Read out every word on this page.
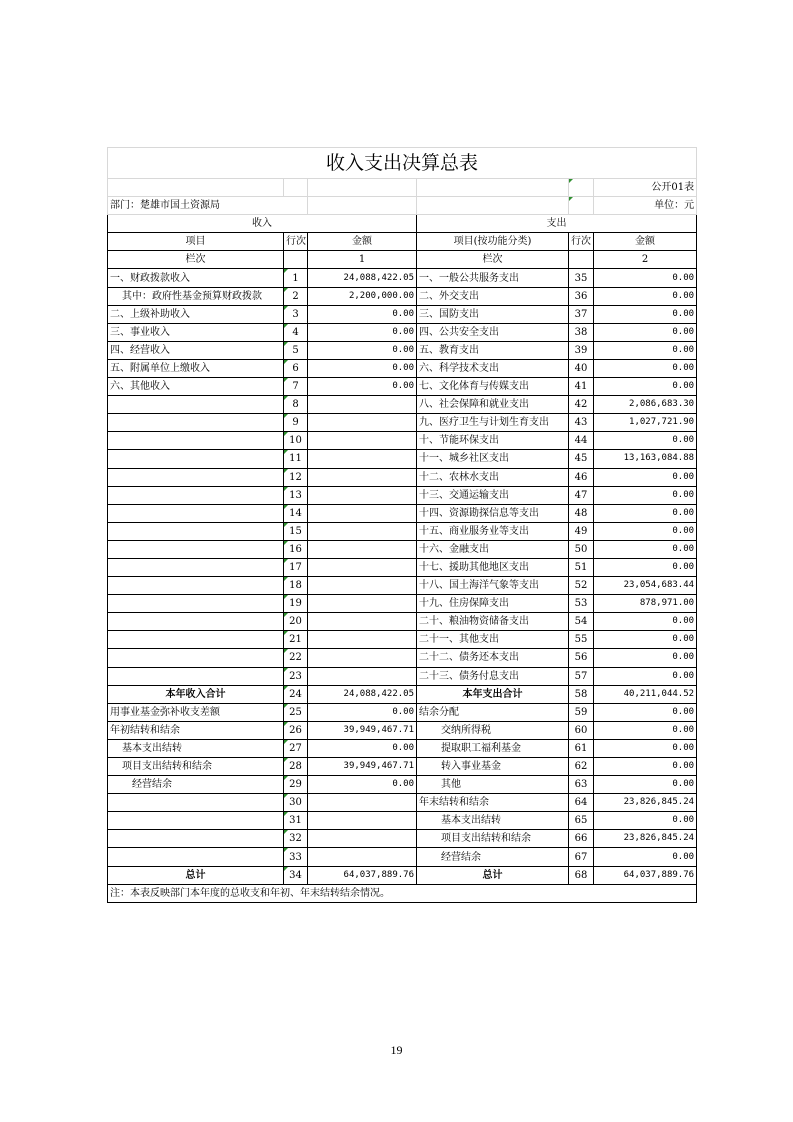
收入支出决算总表					
					公开01表
部门：楚雄市国土资源局					单位：元
收入			支出		
项目	行次	金额	项目(按功能分类)	行次	金额
栏次		1	栏次		2
一、财政拨款收入	1	24,088,422.05	一、一般公共服务支出	35	0.00
其中：政府性基金预算财政拨款	2	2,200,000.00	二、外交支出	36	0.00
二、上级补助收入	3	0.00	三、国防支出	37	0.00
三、事业收入	4	0.00	四、公共安全支出	38	0.00
四、经营收入	5	0.00	五、教育支出	39	0.00
五、附属单位上缴收入	6	0.00	六、科学技术支出	40	0.00
六、其他收入	7	0.00	七、文化体育与传媒支出	41	0.00
	8		八、社会保障和就业支出	42	2,086,683.30
	9		九、医疗卫生与计划生育支出	43	1,027,721.90
	10		十、节能环保支出	44	0.00
	11		十一、城乡社区支出	45	13,163,084.88
	12		十二、农林水支出	46	0.00
	13		十三、交通运输支出	47	0.00
	14		十四、资源勘探信息等支出	48	0.00
	15		十五、商业服务业等支出	49	0.00
	16		十六、金融支出	50	0.00
	17		十七、援助其他地区支出	51	0.00
	18		十八、国土海洋气象等支出	52	23,054,683.44
	19		十九、住房保障支出	53	878,971.00
	20		二十、粮油物资储备支出	54	0.00
	21		二十一、其他支出	55	0.00
	22		二十二、债务还本支出	56	0.00
	23		二十三、债务付息支出	57	0.00
本年收入合计	24	24,088,422.05	本年支出合计	58	40,211,044.52
用事业基金弥补收支差额	25	0.00	结余分配	59	0.00
年初结转和结余	26	39,949,467.71	交纳所得税	60	0.00
基本支出结转	27	0.00	提取职工福利基金	61	0.00
项目支出结转和结余	28	39,949,467.71	转入事业基金	62	0.00
经营结余	29	0.00	其他	63	0.00
	30		年末结转和结余	64	23,826,845.24
	31		基本支出结转	65	0.00
	32		项目支出结转和结余	66	23,826,845.24
	33		经营结余	67	0.00
总计	34	64,037,889.76	总计	68	64,037,889.76
注：本表反映部门本年度的总收支和年初、年末结转结余情况。					
19
